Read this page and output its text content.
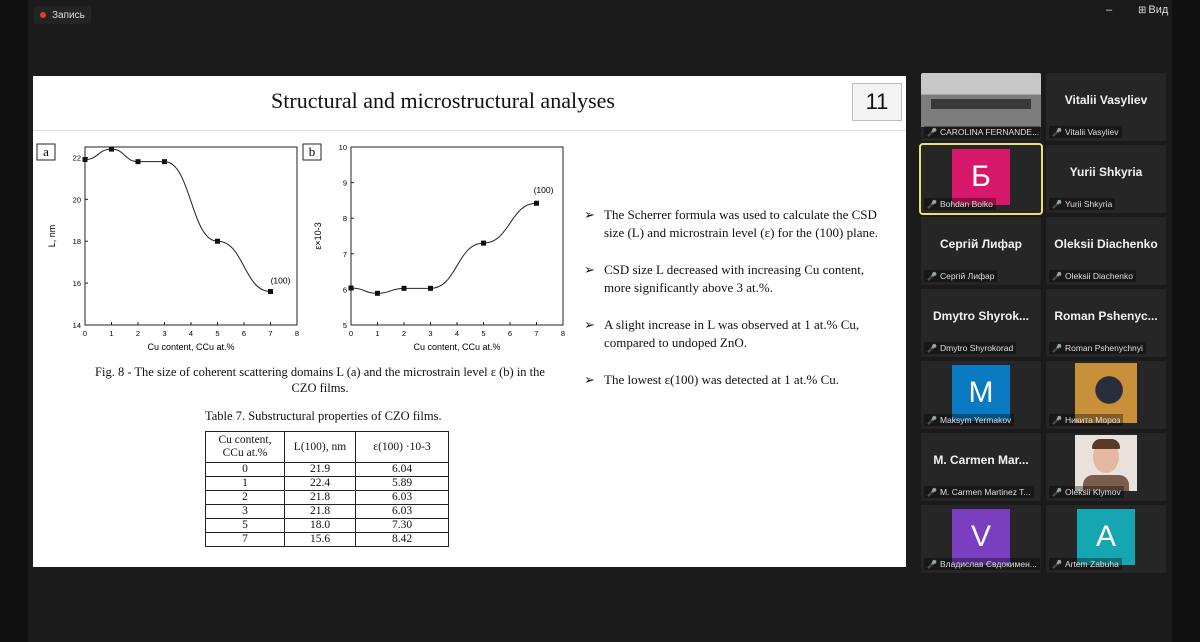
Запись	–	⊞ Вид
Structural and microstructural analyses	11
a
0	1	2	3	4	5	6	7	8
14
16
18
20
22
Cu content, CCu at.%
L, nm
(100)
b
0	1	2	3	4	5	6	7	8
5
6
7
8
9
10
Cu content, CCu at.%
ε×10-3
(100)
Fig. 8 - The size of coherent scattering domains L (a) and the microstrain level ε (b) in the
CZO films.
Table 7. Substructural properties of CZO films.
Cu content, CCu at.%	L(100), nm	ε(100) ·10-3
0	21.9	6.04
1	22.4	5.89
2	21.8	6.03
3	21.8	6.03
5	18.0	7.30
7	15.6	8.42
➢ The Scherrer formula was used to calculate the CSD size (L) and microstrain level (ε) for the (100) plane.
➢ CSD size L decreased with increasing Cu content, more significantly above 3 at.%.
➢ A slight increase in L was observed at 1 at.% Cu, compared to undoped ZnO.
➢ The lowest ε(100) was detected at 1 at.% Cu.
🎤 CAROLINA FERNANDE...
Vitalii Vasyliev
🎤 Vitalii Vasyliev
Б
🎤 Bohdan Boiko
Yurii Shkyria
🎤 Yurii Shkyria
Сергій Лифар
🎤 Сергій Лифар
Oleksii Diachenko
🎤 Oleksii Diachenko
Dmytro Shyrok...
🎤 Dmytro Shyrokorad
Roman Pshenyc...
🎤 Roman Pshenychnyi
M
🎤 Maksym Yermakov	🎤 Никита Мороз
M. Carmen Mar...
🎤 M. Carmen Martinez T...	🎤 Oleksii Klymov
V
🎤 Владислав Євдокимен...
A
🎤 Artem Zabuha
